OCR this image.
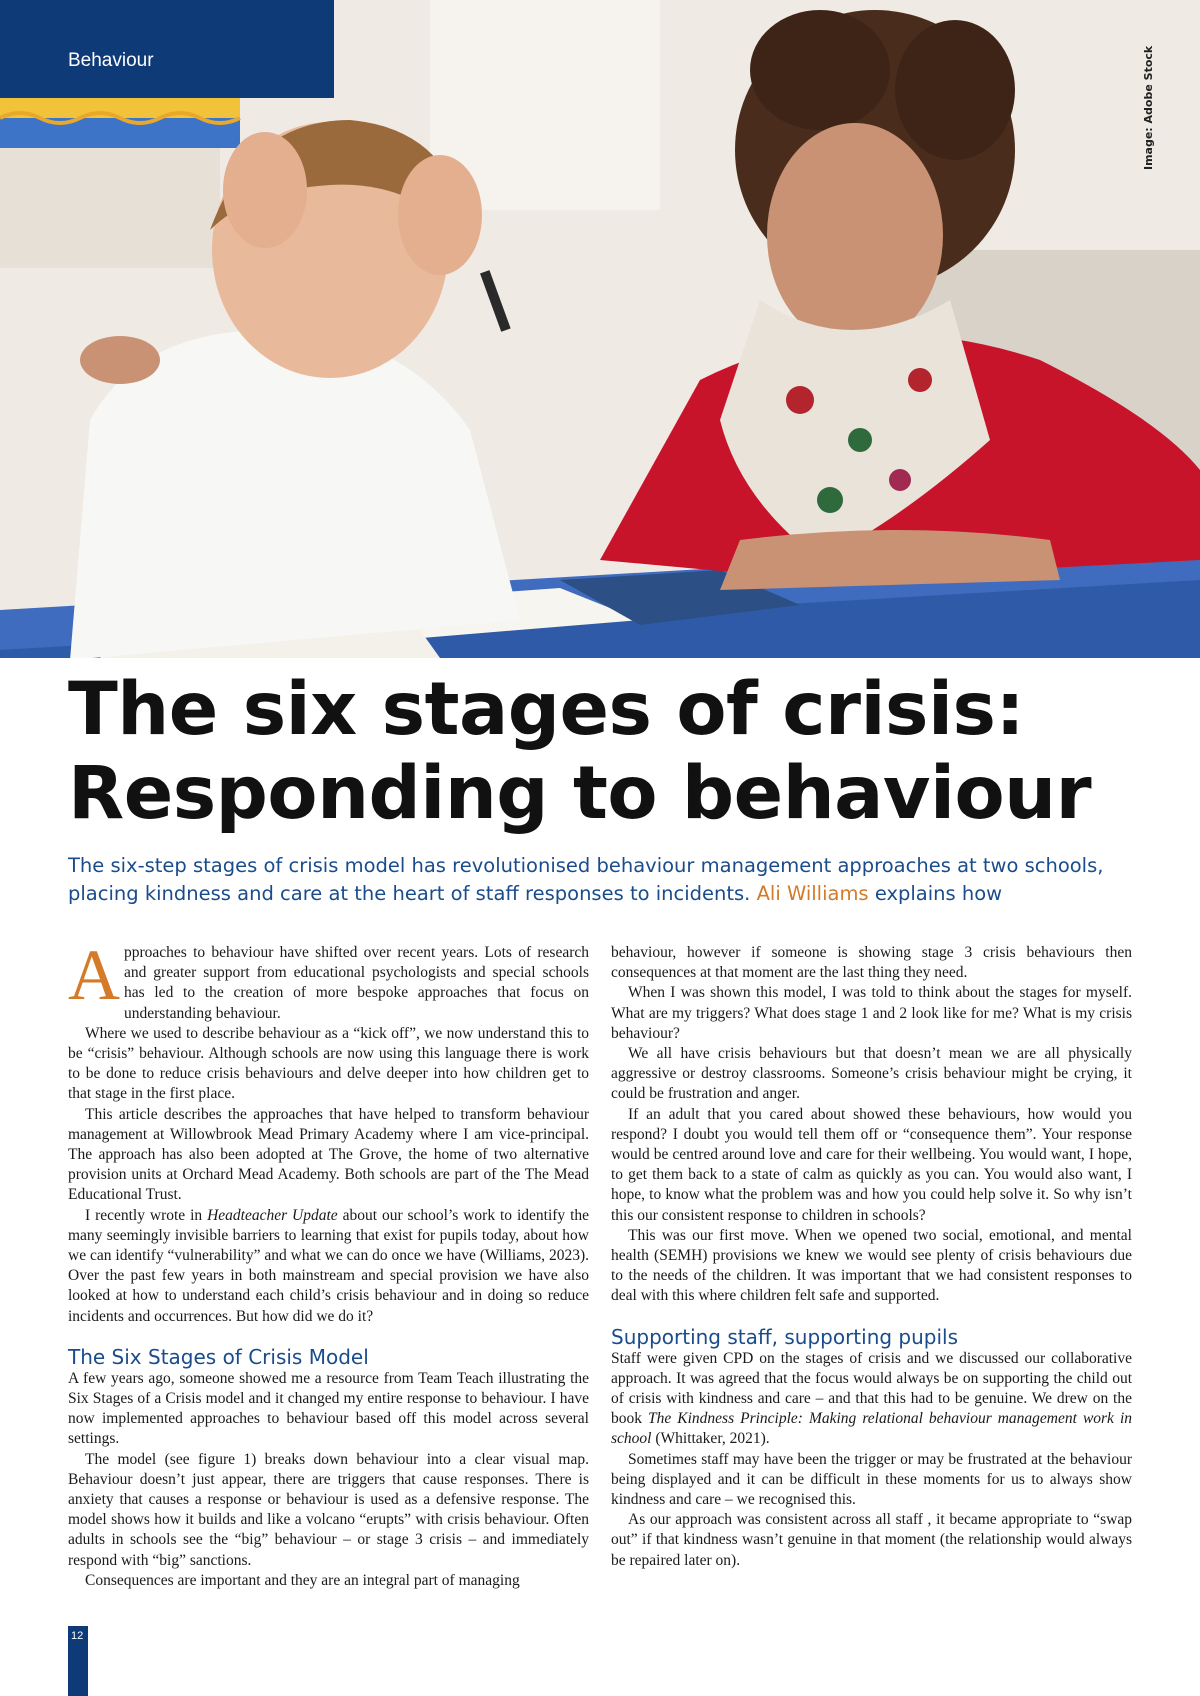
Behaviour	Image: Adobe Stock
The six stages of crisis:
Responding to behaviour

The six-step stages of crisis model has revolutionised behaviour management approaches at two schools, placing kindness and care at the heart of staff responses to incidents. Ali Williams explains how

Approaches to behaviour have shifted over recent years. Lots of research and greater support from educational psychologists and special schools has led to the creation of more bespoke approaches that focus on understanding behaviour.

Where we used to describe behaviour as a “kick off”, we now understand this to be “crisis” behaviour. Although schools are now using this language there is work to be done to reduce crisis behaviours and delve deeper into how children get to that stage in the first place.

This article describes the approaches that have helped to transform behaviour management at Willowbrook Mead Primary Academy where I am vice-principal. The approach has also been adopted at The Grove, the home of two alternative provision units at Orchard Mead Academy. Both schools are part of the The Mead Educational Trust.

I recently wrote in Headteacher Update about our school’s work to identify the many seemingly invisible barriers to learning that exist for pupils today, about how we can identify “vulnerability” and what we can do once we have (Williams, 2023). Over the past few years in both mainstream and special provision we have also looked at how to understand each child’s crisis behaviour and in doing so reduce incidents and occurrences. But how did we do it?

The Six Stages of Crisis Model

A few years ago, someone showed me a resource from Team Teach illustrating the Six Stages of a Crisis model and it changed my entire response to behaviour. I have now implemented approaches to behaviour based off this model across several settings.

The model (see figure 1) breaks down behaviour into a clear visual map. Behaviour doesn’t just appear, there are triggers that cause responses. There is anxiety that causes a response or behaviour is used as a defensive response. The model shows how it builds and like a volcano “erupts” with crisis behaviour. Often adults in schools see the “big” behaviour – or stage 3 crisis – and immediately respond with “big” sanctions.

Consequences are important and they are an integral part of managing

behaviour, however if someone is showing stage 3 crisis behaviours then consequences at that moment are the last thing they need.

When I was shown this model, I was told to think about the stages for myself. What are my triggers? What does stage 1 and 2 look like for me? What is my crisis behaviour?

We all have crisis behaviours but that doesn’t mean we are all physically aggressive or destroy classrooms. Someone’s crisis behaviour might be crying, it could be frustration and anger.

If an adult that you cared about showed these behaviours, how would you respond? I doubt you would tell them off or “consequence them”. Your response would be centred around love and care for their wellbeing. You would want, I hope, to get them back to a state of calm as quickly as you can. You would also want, I hope, to know what the problem was and how you could help solve it. So why isn’t this our consistent response to children in schools?

This was our first move. When we opened two social, emotional, and mental health (SEMH) provisions we knew we would see plenty of crisis behaviours due to the needs of the children. It was important that we had consistent responses to deal with this where children felt safe and supported.

Supporting staff, supporting pupils

Staff were given CPD on the stages of crisis and we discussed our collaborative approach. It was agreed that the focus would always be on supporting the child out of crisis with kindness and care – and that this had to be genuine. We drew on the book The Kindness Principle: Making relational behaviour management work in school (Whittaker, 2021).

Sometimes staff may have been the trigger or may be frustrated at the behaviour being displayed and it can be difficult in these moments for us to always show kindness and care – we recognised this.

As our approach was consistent across all staff , it became appropriate to “swap out” if that kindness wasn’t genuine in that moment (the relationship would always be repaired later on).

12
